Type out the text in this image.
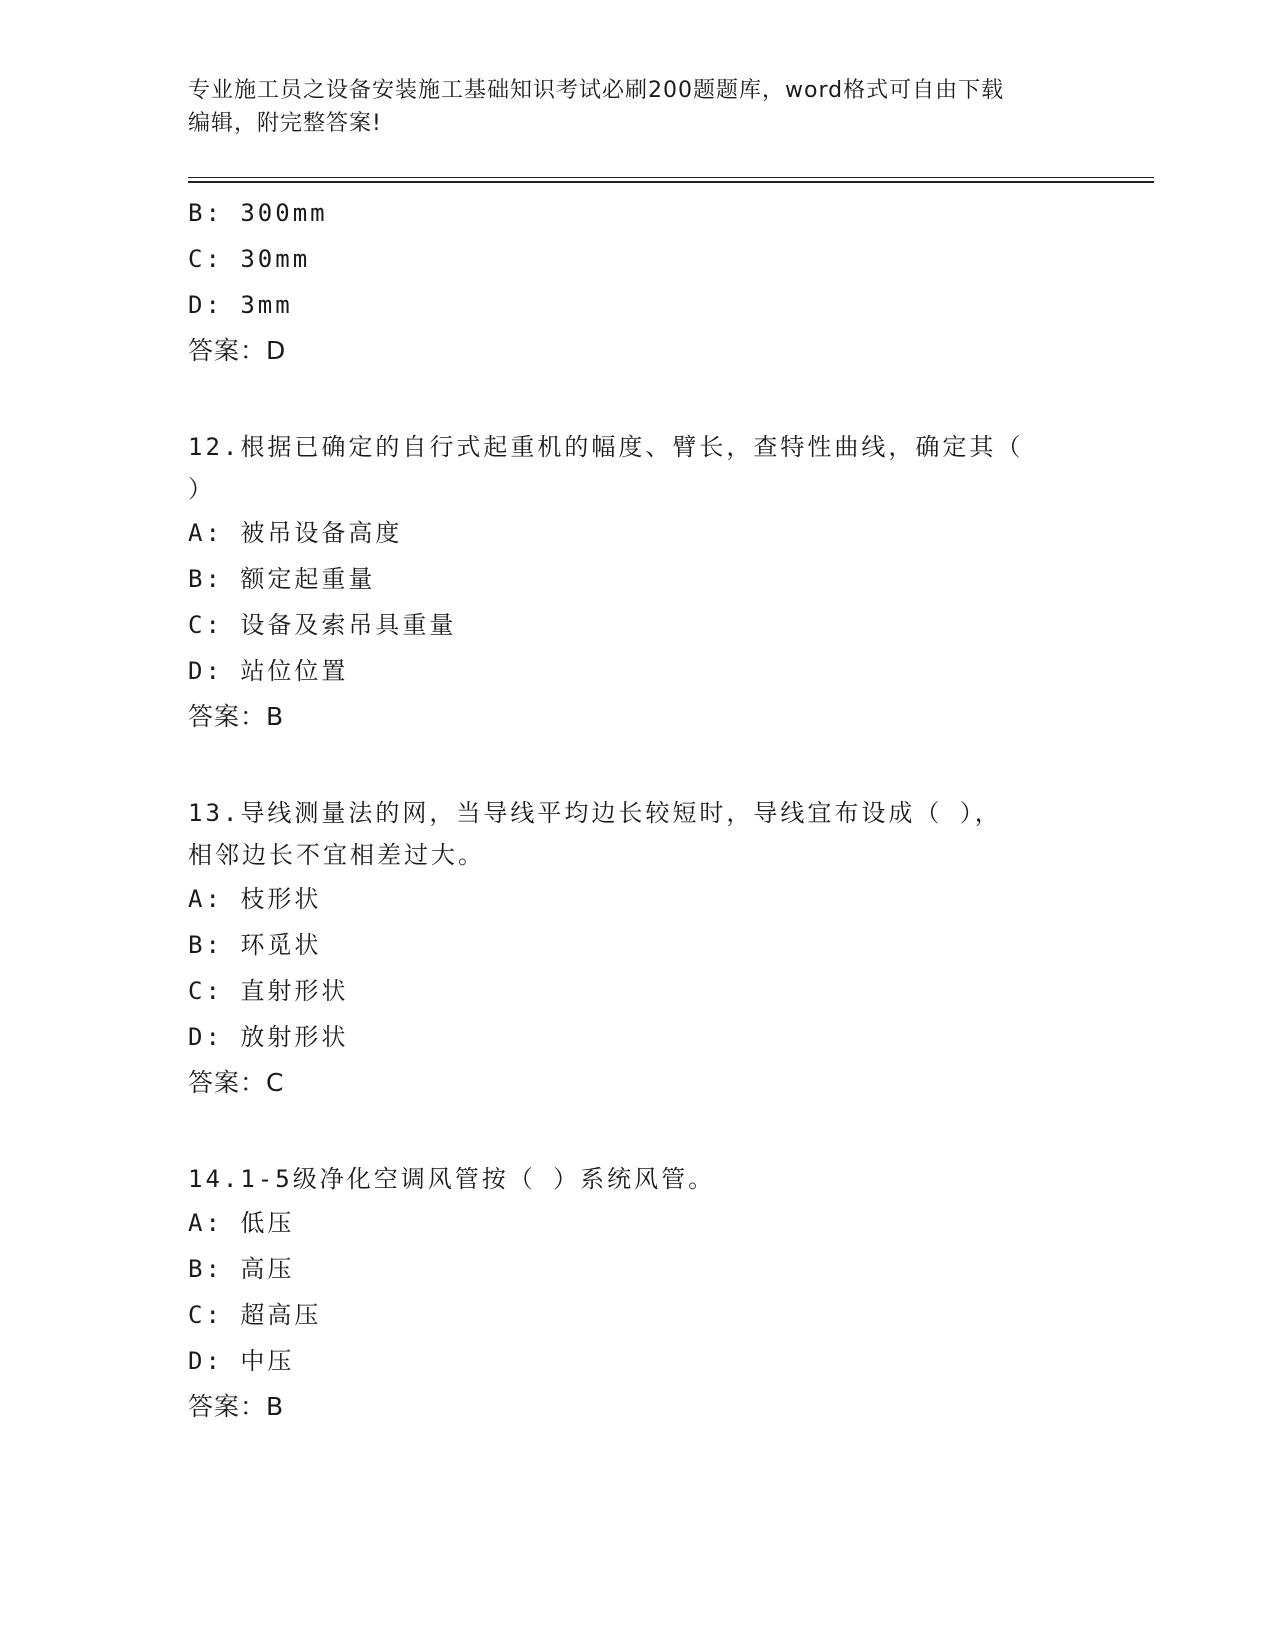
专业施工员之设备安装施工基础知识考试必刷200题题库，word格式可自由下载
编辑，附完整答案!
B: 300mm
C: 30mm
D: 3mm
答案：D
12.根据已确定的自行式起重机的幅度、臂长，查特性曲线，确定其（
）
A: 被吊设备高度
B: 额定起重量
C: 设备及索吊具重量
D: 站位位置
答案：B
13.导线测量法的网，当导线平均边长较短时，导线宜布设成（ ），
相邻边长不宜相差过大。
A: 枝形状
B: 环觅状
C: 直射形状
D: 放射形状
答案：C
14.1-5级净化空调风管按（ ）系统风管。
A: 低压
B: 高压
C: 超高压
D: 中压
答案：B
